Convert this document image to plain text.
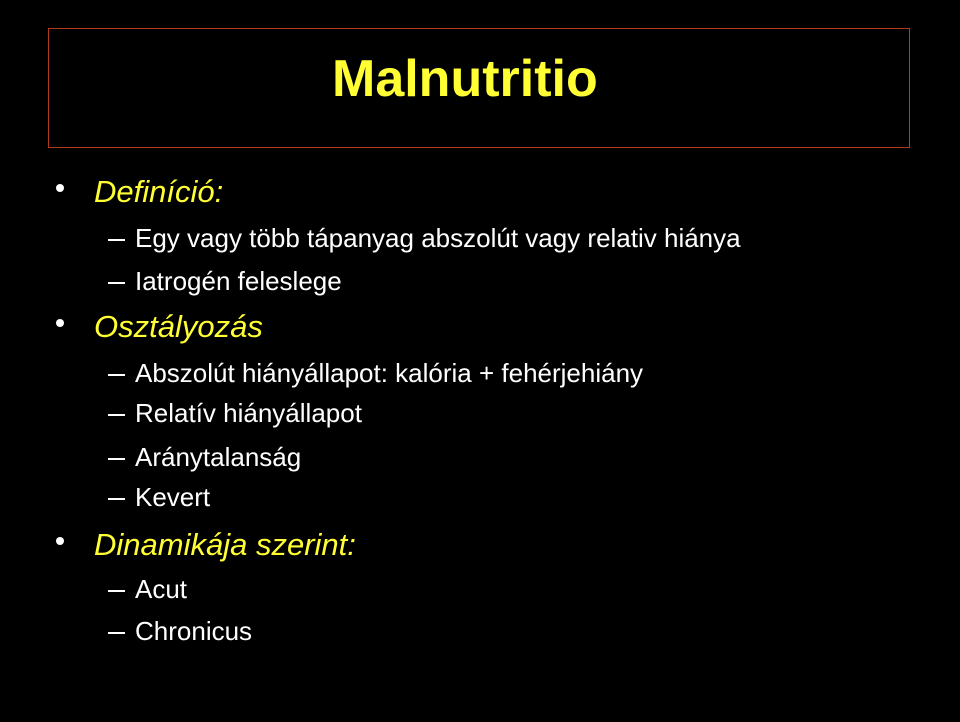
Malnutritio
Definíció:
Egy vagy több tápanyag abszolút vagy relativ hiánya
Iatrogén feleslege
Osztályozás
Abszolút hiányállapot: kalória + fehérjehiány
Relatív hiányállapot
Aránytalanság
Kevert
Dinamikája szerint:
Acut
Chronicus
